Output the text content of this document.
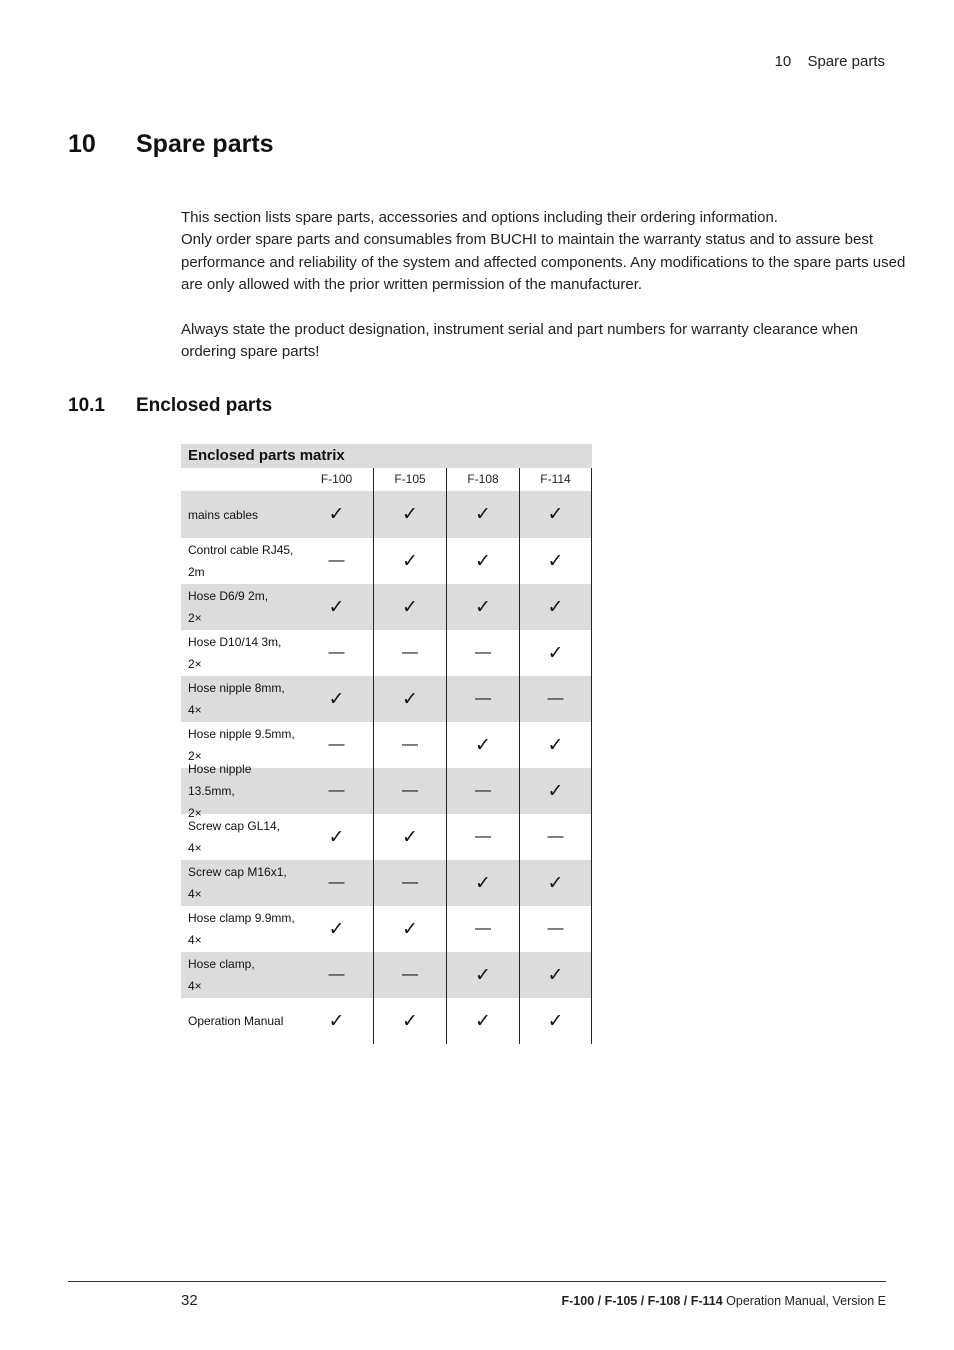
10 Spare parts
10 Spare parts

This section lists spare parts, accessories and options including their ordering information.
Only order spare parts and consumables from BUCHI to maintain the warranty status and to assure best performance and reliability of the system and affected components. Any modifications to the spare parts used are only allowed with the prior written permission of the manufacturer.

Always state the product designation, instrument serial and part numbers for warranty clearance when ordering spare parts!

10.1 Enclosed parts
Enclosed parts matrix
F-100	F-105	F-108	F-114
mains cables	✓	✓	✓	✓
Control cable RJ45,
2m
—	✓	✓	✓
Hose D6/9 2m,
2×
✓	✓	✓	✓
Hose D10/14 3m,
2×
—	—	—	✓
Hose nipple 8mm,
4×
✓	✓	—	—
Hose nipple 9.5mm,
2×
—	—	✓	✓
Hose nipple 13.5mm,
2×
—	—	—	✓
Screw cap GL14,
4×
✓	✓	—	—
Screw cap M16x1,
4×
—	—	✓	✓
Hose clamp 9.9mm,
4×
✓	✓	—	—
Hose clamp,
4×
—	—	✓	✓
Operation Manual	✓	✓	✓	✓
32	F-100 / F-105 / F-108 / F-114 Operation Manual, Version E
